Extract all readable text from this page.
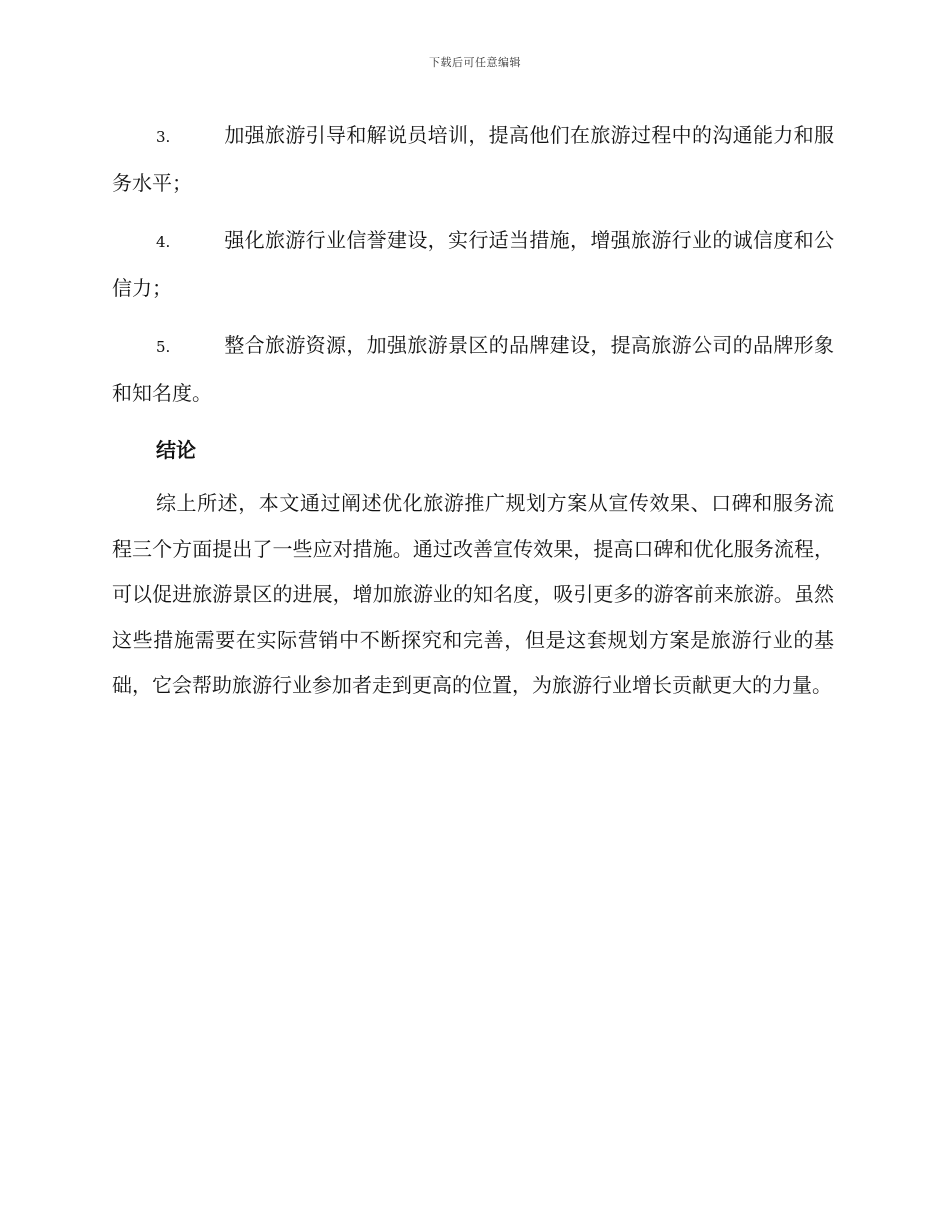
下载后可任意编辑

3.	加强旅游引导和解说员培训，提高他们在旅游过程中的沟通能力和服务水平；

4.	强化旅游行业信誉建设，实行适当措施，增强旅游行业的诚信度和公信力；

5.	整合旅游资源，加强旅游景区的品牌建设，提高旅游公司的品牌形象和知名度。

结论

综上所述，本文通过阐述优化旅游推广规划方案从宣传效果、口碑和服务流程三个方面提出了一些应对措施。通过改善宣传效果，提高口碑和优化服务流程，可以促进旅游景区的进展，增加旅游业的知名度，吸引更多的游客前来旅游。虽然这些措施需要在实际营销中不断探究和完善，但是这套规划方案是旅游行业的基础，它会帮助旅游行业参加者走到更高的位置，为旅游行业增长贡献更大的力量。
